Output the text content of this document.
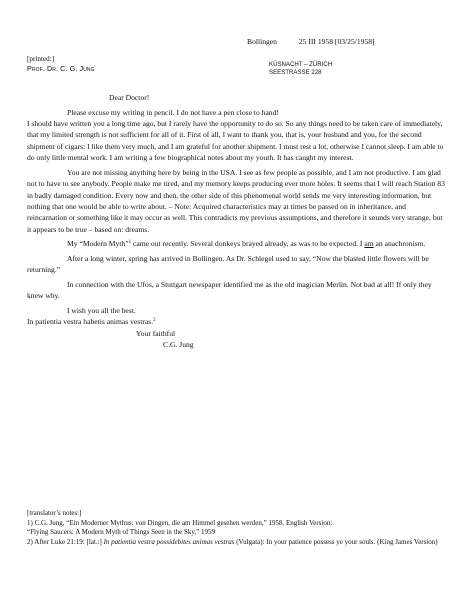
Bollingen	25 III 1958 [03/25/1958]
[printed:]
Prof. Dr. C. G. Jung	KÜSNACHT – ZÜRICH
SEESTRASSE 228

Dear Doctor!

Please excuse my writing in pencil. I do not have a pen close to hand!

I should have written you a long time ago, but I rarely have the opportunity to do so. So any things need to be taken care of immediately, that my limited strength is not sufficient for all of it. First of all, I want to thank you, that is, your husband and you, for the second shipment of cigars: I like them very much, and I am grateful for another shipment. I must rest a lot, otherwise I cannot sleep. I am able to do only little mental work. I am writing a few biographical notes about my youth. It has caught my interest.

You are not missing anything here by being in the USA. I see as few people as possible, and I am not productive. I am glad not to have to see anybody. People make me tired, and my memory keeps producing ever more holes. It seems that I will reach Station 83 in badly damaged condition. Every now and then, the other side of this phenomenal world sends me very interesting information, but nothing that one would be able to write about. – Note: Acquired characteristics may at times be passed on in inheritance, and reincarnation or something like it may occur as well. This contradicts my previous assumptions, and therefore it sounds very strange, but it appears to be true – based on: dreams.

My “Modern Myth”$^1$ came out recently. Several donkeys brayed already, as was to be expected. I am an anachronism.

After a long winter, spring has arrived in Bollingen. As Dr. Schlegel used to say, “Now the blasted little flowers will be returning.”

In connection with the Ufos, a Stuttgart newspaper identified me as the old magician Merlin. Not bad at all! If only they knew why.

I wish you all the best.

In patientia vestra habetis animas vestras.$^2$

Your faithful

C.G. Jung

[translator’s notes:]

1) C.G. Jung, “Ein Moderner Mythus: von Dingen, die am Himmel gesehen werden,” 1958. English Version:

“Flying Saucers: A Modern Myth of Things Seen in the Sky,” 1959

2) After Luke 21:19: [lat.:] In patientia vestra possidebites animas vestras (Vulgata): In your patience possess ye your souls. (King James Version)
